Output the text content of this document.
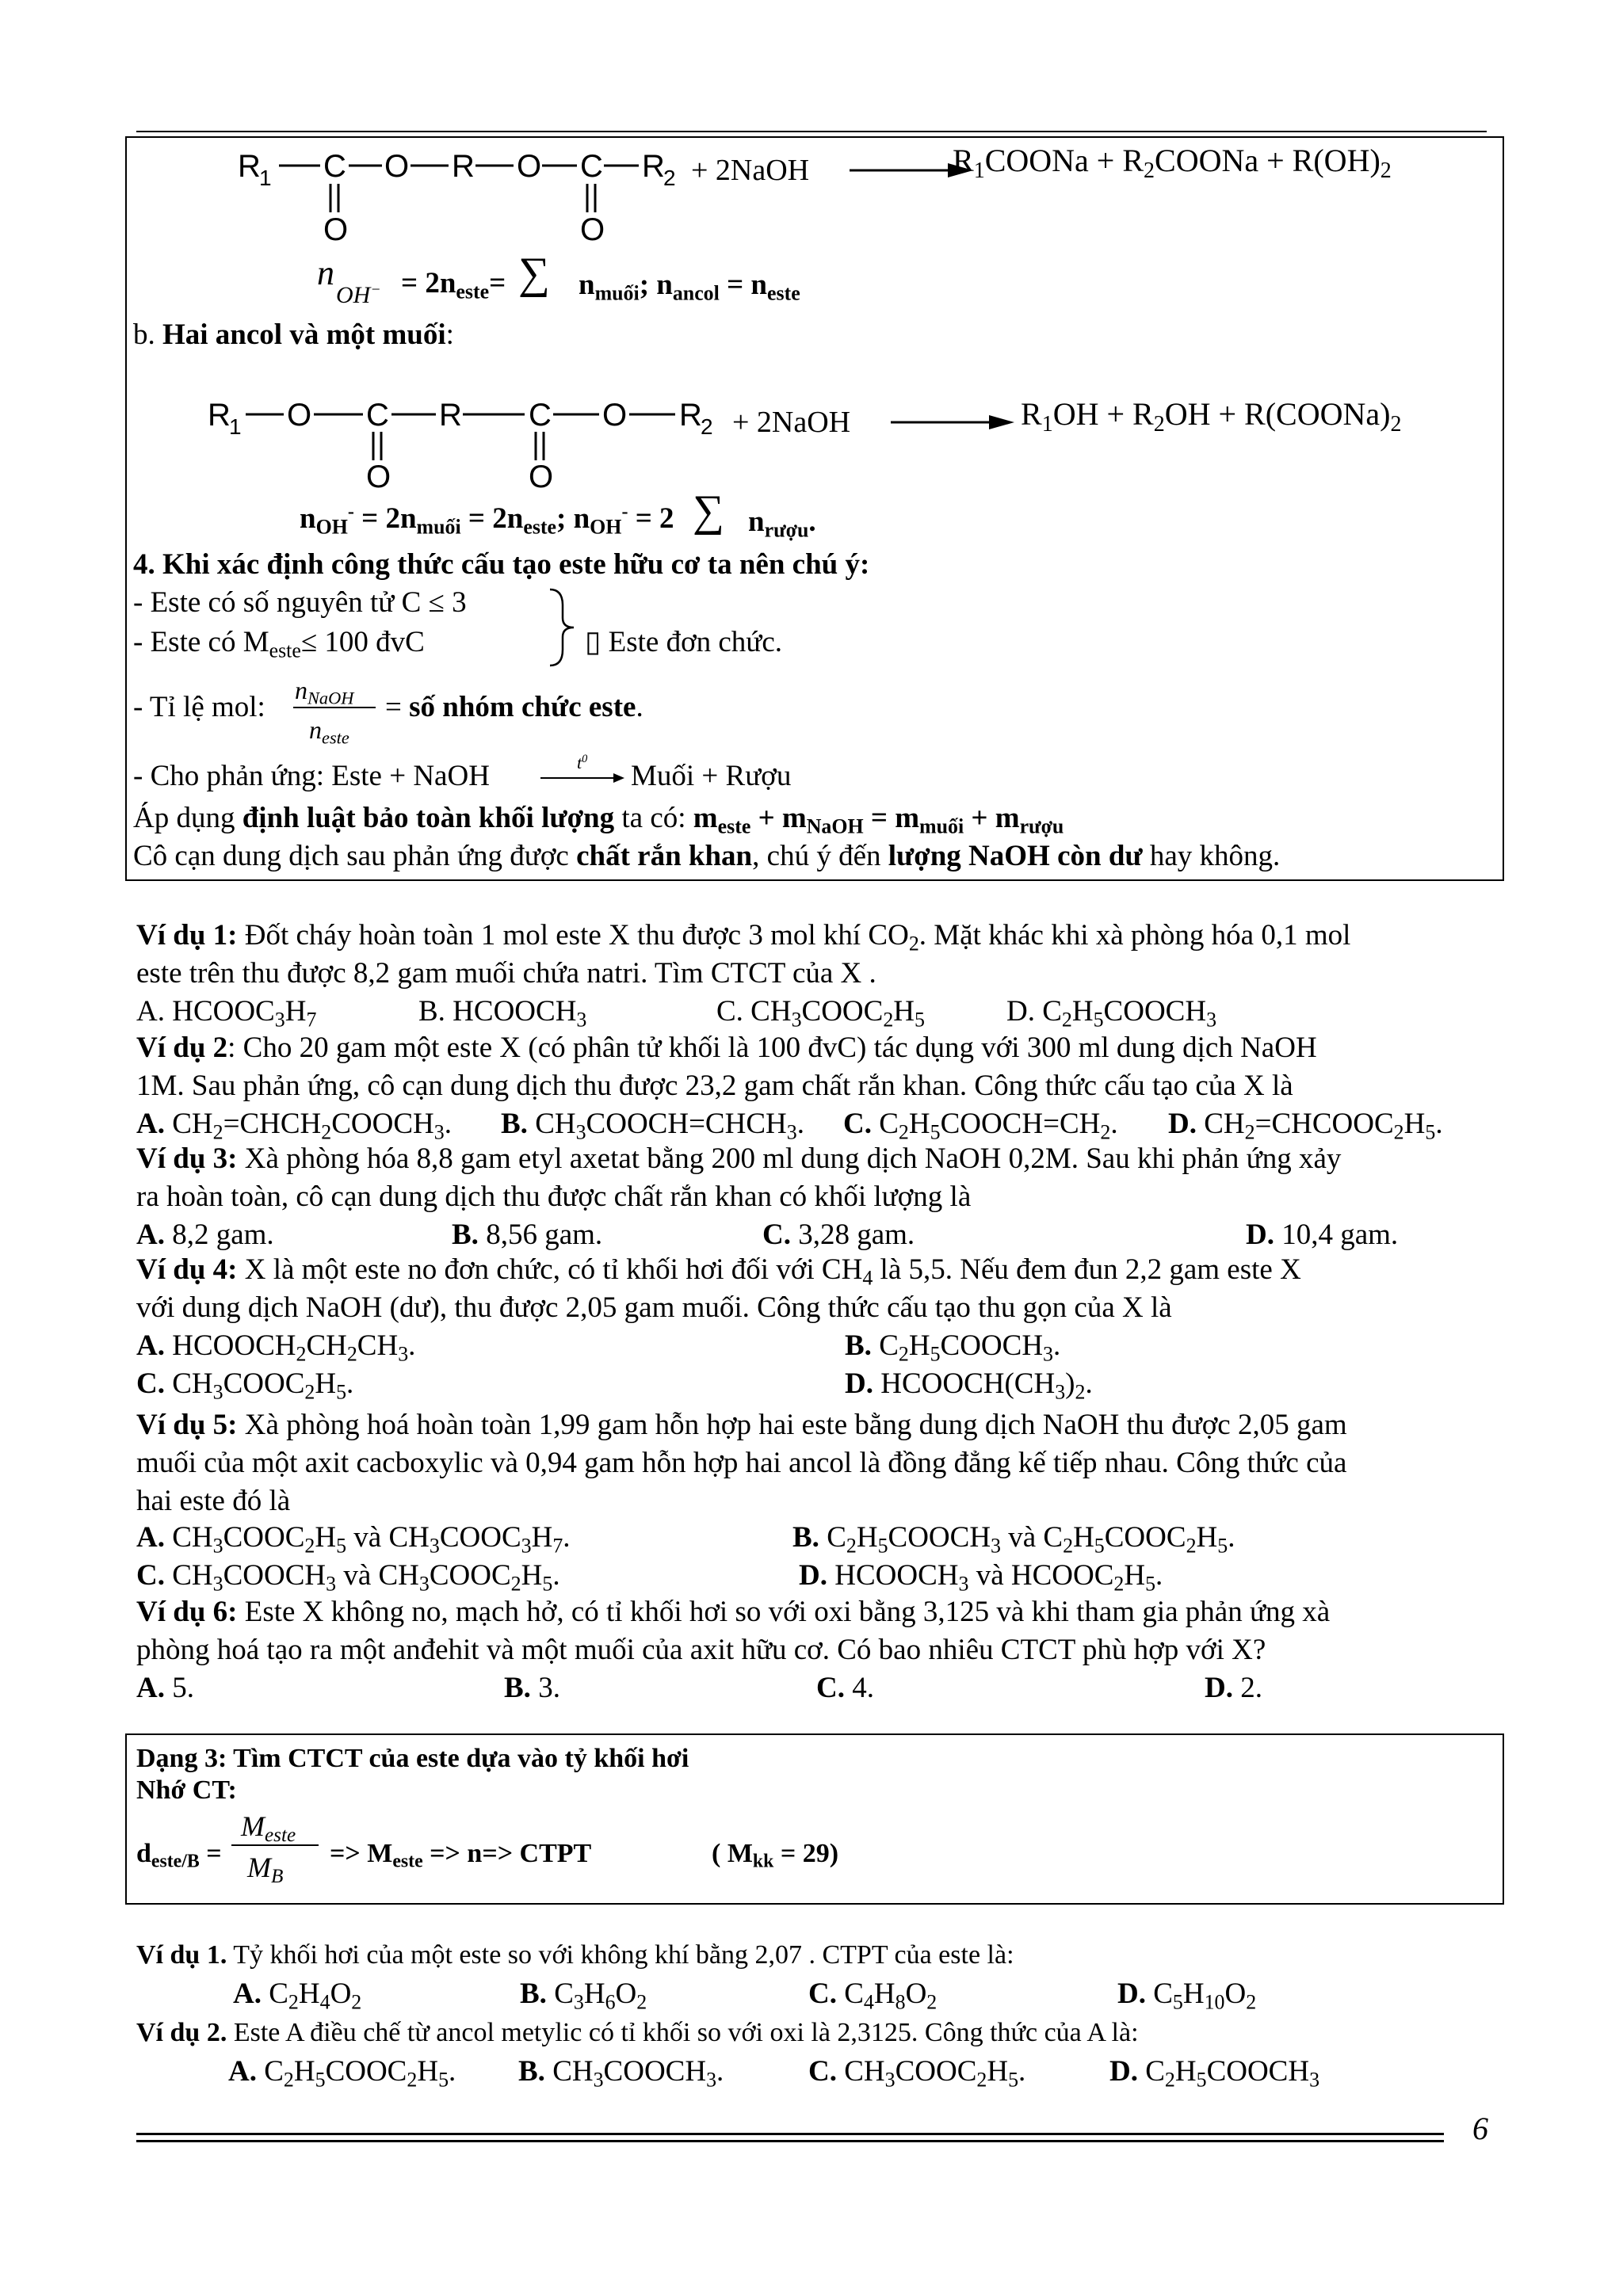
R
1 C O R O C R
2
O	O
+ 2NaOH	$R_1COONa$ + $R_2COONa + R(OH)_2$
n
$OH^- = 2n_{este}=$ ∑ $n_{muối}$; $n_{ancol} = n_{este}$
b. Hai ancol và một muối:
R
1 O C R C O R
2
O	O
+ 2NaOH	$R_1OH + R_2OH$ + $R(COONa)_2$
$n_{OH}^- = 2n_{muối} = 2n_{este}$; $n_{OH}^- = 2$ ∑ $n_{rượu}$.
4. Khi xác định công thức cấu tạo este hữu cơ ta nên chú ý:
- Este có số nguyên tử C ≤ 3
- Este có $M_{este}\le 100$ đvC	▯ Este đơn chức.
- Tỉ lệ mol:
$n_{NaOH}$
$n_{este}$
= số nhóm chức este.
- Cho phản ứng: Este + NaOH	$t^0$
Muối + Rượu
Áp dụng định luật bảo toàn khối lượng ta có: $m_{este} + m_{NaOH} = m_{muối} + m_{rượu}$
Cô cạn dung dịch sau phản ứng được chất rắn khan, chú ý đến lượng NaOH còn dư hay không.
Ví dụ 1: Đốt cháy hoàn toàn 1 mol este X thu được 3 mol khí $CO_2$. Mặt khác khi xà phòng hóa 0,1 mol
este trên thu được 8,2 gam muối chứa natri. Tìm CTCT của X .
A. $HCOOC_3H_7$	B. $HCOOCH_3$	C. $CH_3COOC_2H_5$	D. $C_2H_5COOCH_3$
Ví dụ 2: Cho 20 gam một este X (có phân tử khối là 100 đvC) tác dụng với 300 ml dung dịch NaOH
1M. Sau phản ứng, cô cạn dung dịch thu được 23,2 gam chất rắn khan. Công thức cấu tạo của X là
A. $CH_2=CHCH_2COOCH_3$. B. $CH_3COOCH=CHCH_3$. C. $C_2H_5COOCH=CH_2$. D. $CH_2=CHCOOC_2H_5$.
Ví dụ 3: Xà phòng hóa 8,8 gam etyl axetat bằng 200 ml dung dịch NaOH 0,2M. Sau khi phản ứng xảy
ra hoàn toàn, cô cạn dung dịch thu được chất rắn khan có khối lượng là
A. 8,2 gam.	B. 8,56 gam.	C. 3,28 gam.	D. 10,4 gam.
Ví dụ 4: X là một este no đơn chức, có tỉ khối hơi đối với $CH_4$ là 5,5. Nếu đem đun 2,2 gam este X
với dung dịch NaOH (dư), thu được 2,05 gam muối. Công thức cấu tạo thu gọn của X là
A. $HCOOCH_2CH_2CH_3$.	B. $C_2H_5COOCH_3$.
C. $CH_3COOC_2H_5$.	D. $HCOOCH(CH_3)_2$.
Ví dụ 5: Xà phòng hoá hoàn toàn 1,99 gam hỗn hợp hai este bằng dung dịch NaOH thu được 2,05 gam
muối của một axit cacboxylic và 0,94 gam hỗn hợp hai ancol là đồng đẳng kế tiếp nhau. Công thức của
hai este đó là
A. $CH_3COOC_2H_5$ và $CH_3COOC_3H_7$.	B. $C_2H_5COOCH_3$ và $C_2H_5COOC_2H_5$.
C. $CH_3COOCH_3$ và $CH_3COOC_2H_5$.	D. $HCOOCH_3$ và $HCOOC_2H_5$.
Ví dụ 6: Este X không no, mạch hở, có tỉ khối hơi so với oxi bằng 3,125 và khi tham gia phản ứng xà
phòng hoá tạo ra một anđehit và một muối của axit hữu cơ. Có bao nhiêu CTCT phù hợp với X?
A. 5.	B. 3.	C. 4.	D. 2.
Dạng 3: Tìm CTCT của este dựa vào tỷ khối hơi
Nhớ CT:
$d_{este/B}$ =
$M_{este}$
$M_B$
=> $M_{este} => n=>$ CTPT	( $M_{kk} = 29$)
Ví dụ 1. Tỷ khối hơi của một este so với không khí bằng 2,07 . CTPT của este là:
A. $C_2H_4O_2$	B. $C_3H_6O_2$	C. $C_4H_8O_2$	D. $C_5H_{10}O_2$
Ví dụ 2. Este A điều chế từ ancol metylic có tỉ khối so với oxi là 2,3125. Công thức của A là:
A. $C_2H_5COOC_2H_5$. B. $CH_3COOCH_3$.	C. $CH_3COOC_2H_5$.	D. $C_2H_5COOCH_3$
6
